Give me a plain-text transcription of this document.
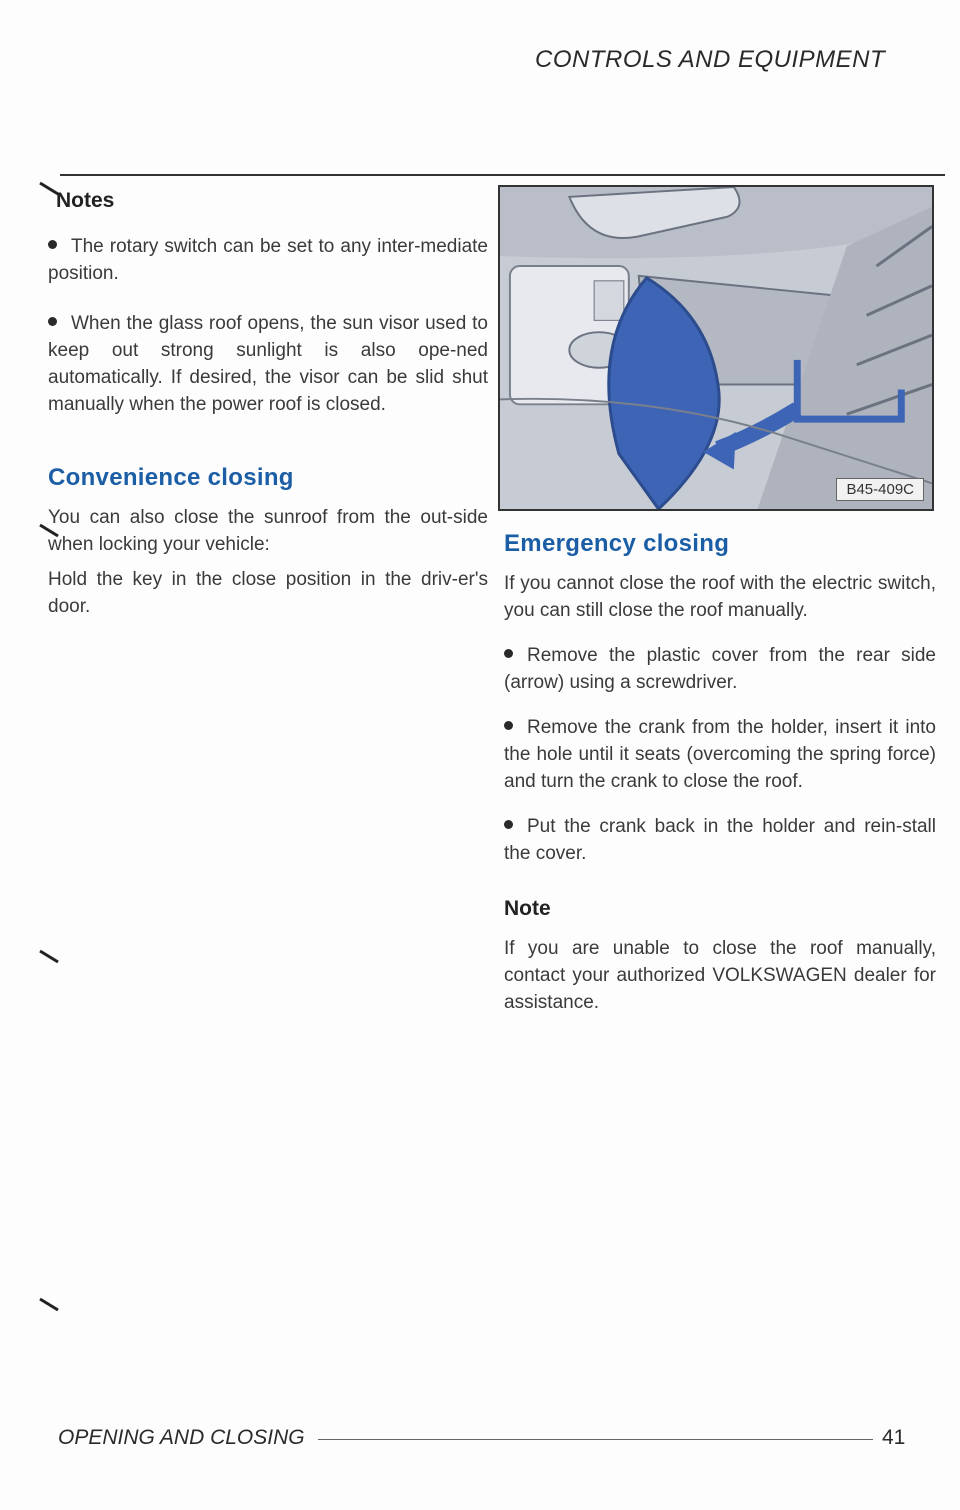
CONTROLS AND EQUIPMENT
Notes

The rotary switch can be set to any inter-mediate position.

When the glass roof opens, the sun visor used to keep out strong sunlight is also ope-ned automatically. If desired, the visor can be slid shut manually when the power roof is closed.

Convenience closing

You can also close the sunroof from the out-side when locking your vehicle:

Hold the key in the close position in the driv-er's door.

B45-409C
Emergency closing

If you cannot close the roof with the electric switch, you can still close the roof manually.

Remove the plastic cover from the rear side (arrow) using a screwdriver.

Remove the crank from the holder, insert it into the hole until it seats (overcoming the spring force) and turn the crank to close the roof.

Put the crank back in the holder and rein-stall the cover.

Note

If you are unable to close the roof manually, contact your authorized VOLKSWAGEN dealer for assistance.

OPENING AND CLOSING	41
